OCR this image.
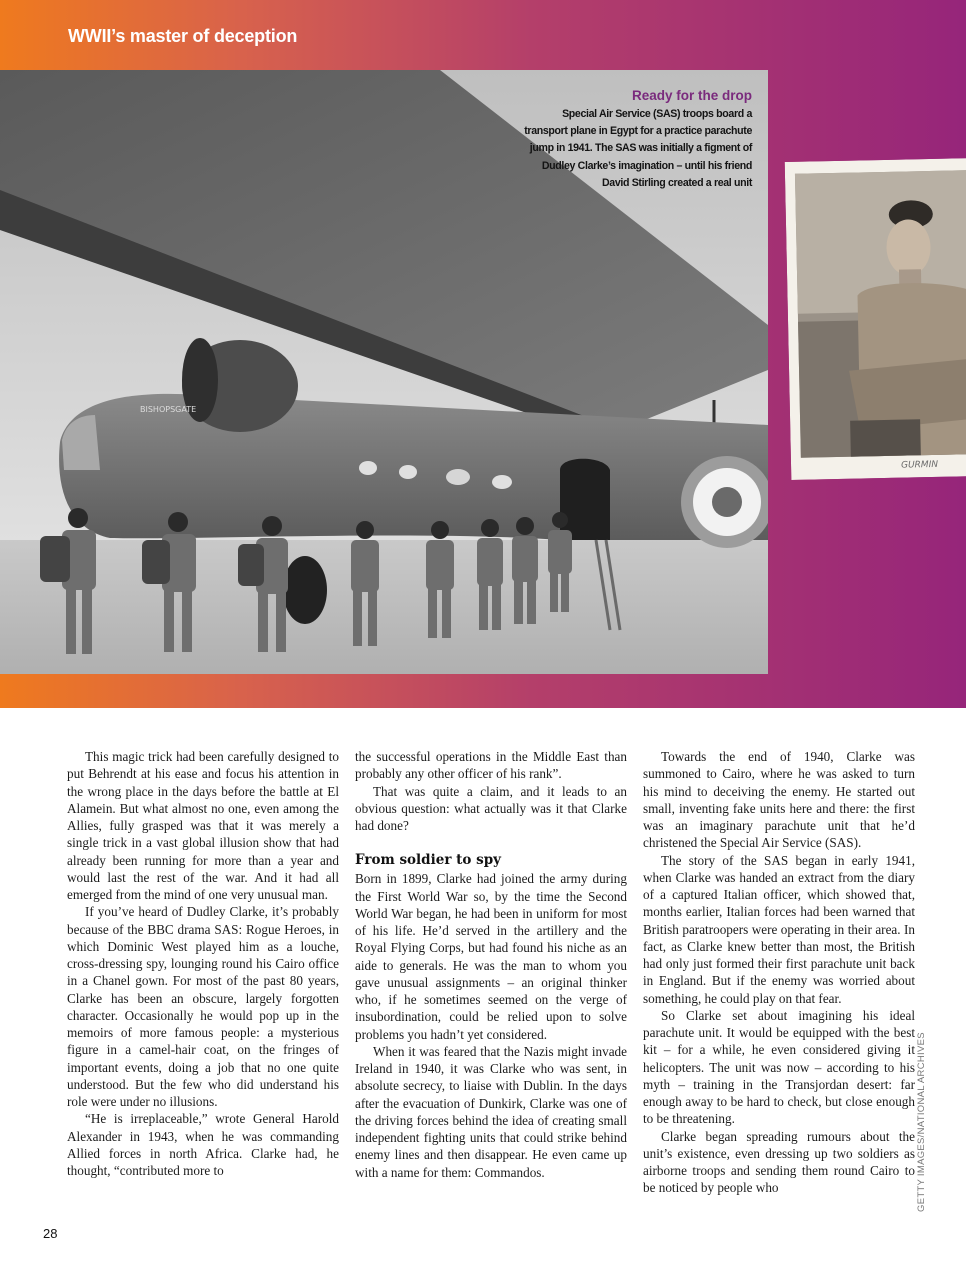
WWII’s master of deception
BISHOPSGATE
Ready for the drop
Special Air Service (SAS) troops board a transport plane in Egypt for a practice parachute jump in 1941. The SAS was initially a figment of Dudley Clarke’s imagination – until his friend David Stirling created a real unit
GURMIN

This magic trick had been carefully designed to put Behrendt at his ease and focus his attention in the wrong place in the days before the battle at El Alamein. But what almost no one, even among the Allies, fully grasped was that it was merely a single trick in a vast global illusion show that had already been running for more than a year and would last the rest of the war. And it had all emerged from the mind of one very unusual man.

If you’ve heard of Dudley Clarke, it’s probably because of the BBC drama SAS: Rogue Heroes, in which Dominic West played him as a louche, cross-dressing spy, lounging round his Cairo office in a Chanel gown. For most of the past 80 years, Clarke has been an obscure, largely forgotten character. Occasionally he would pop up in the memoirs of more famous people: a mysterious figure in a camel-hair coat, on the fringes of important events, doing a job that no one quite understood. But the few who did understand his role were under no illusions.

“He is irreplaceable,” wrote General Harold Alexander in 1943, when he was commanding Allied forces in north Africa. Clarke had, he thought, “contributed more to

the successful operations in the Middle East than probably any other officer of his rank”.

That was quite a claim, and it leads to an obvious question: what actually was it that Clarke had done?

From soldier to spy

Born in 1899, Clarke had joined the army during the First World War so, by the time the Second World War began, he had been in uniform for most of his life. He’d served in the artillery and the Royal Flying Corps, but had found his niche as an aide to generals. He was the man to whom you gave unusual assignments – an original thinker who, if he sometimes seemed on the verge of insubordination, could be relied upon to solve problems you hadn’t yet considered.

When it was feared that the Nazis might invade Ireland in 1940, it was Clarke who was sent, in absolute secrecy, to liaise with Dublin. In the days after the evacuation of Dunkirk, Clarke was one of the driving forces behind the idea of creating small independent fighting units that could strike behind enemy lines and then disappear. He even came up with a name for them: Commandos.

Towards the end of 1940, Clarke was summoned to Cairo, where he was asked to turn his mind to deceiving the enemy. He started out small, inventing fake units here and there: the first was an imaginary parachute unit that he’d christened the Special Air Service (SAS).

The story of the SAS began in early 1941, when Clarke was handed an extract from the diary of a captured Italian officer, which showed that, months earlier, Italian forces had been warned that British paratroopers were operating in their area. In fact, as Clarke knew better than most, the British had only just formed their first parachute unit back in England. But if the enemy was worried about something, he could play on that fear.

So Clarke set about imagining his ideal parachute unit. It would be equipped with the best kit – for a while, he even considered giving it helicopters. The unit was now – according to his myth – training in the Transjordan desert: far enough away to be hard to check, but close enough to be threatening.

Clarke began spreading rumours about the unit’s existence, even dressing up two soldiers as airborne troops and sending them round Cairo to be noticed by people who	GETTY IMAGES/NATIONAL ARCHIVES
28
